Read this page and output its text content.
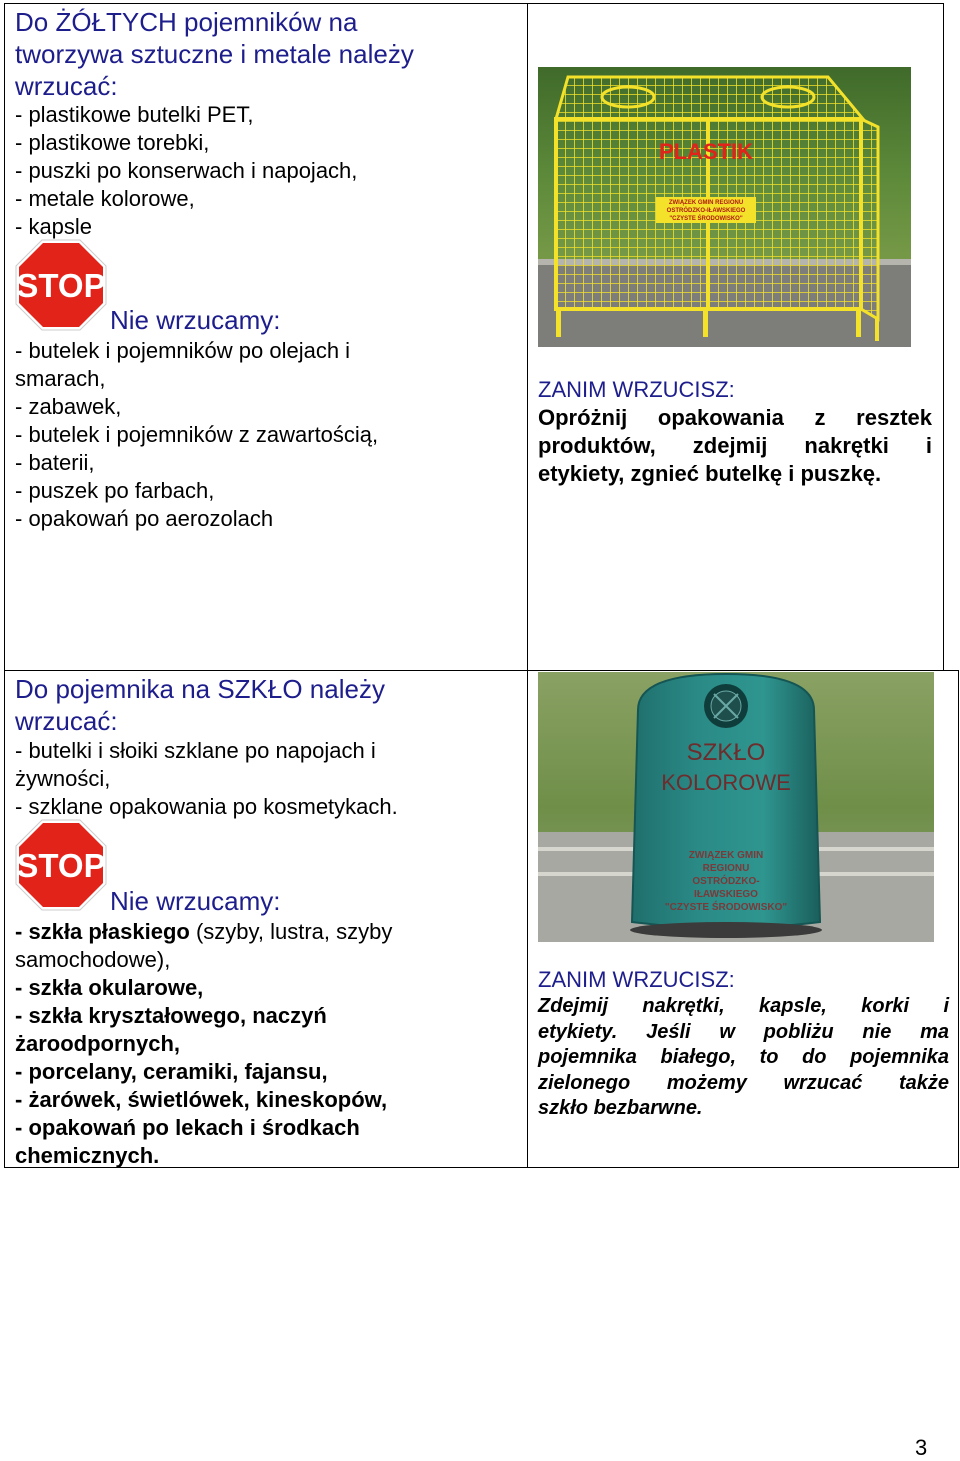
Do ŻÓŁTYCH pojemników na
tworzywa sztuczne i metale należy
wrzucać:
- plastikowe butelki PET,
- plastikowe torebki,
- puszki po konserwach i napojach,
- metale kolorowe,
- kapsle
STOP
Nie wrzucamy:
- butelek i pojemników po olejach i
smarach,
- zabawek,
- butelek i pojemników z zawartością,
- baterii,
- puszek po farbach,
- opakowań po aerozolach
PLASTIK
ZWIĄZEK GMIN REGIONU
OSTRÓDZKO-IŁAWSKIEGO
"CZYSTE ŚRODOWISKO"
ZANIM WRZUCISZ:
Opróżnij opakowania z resztek
produktów, zdejmij nakrętki i
etykiety, zgnieć butelkę i puszkę.
Do pojemnika na SZKŁO należy
wrzucać:
- butelki i słoiki szklane po napojach i
żywności,
- szklane opakowania po kosmetykach.
STOP
Nie wrzucamy:
- szkła płaskiego (szyby, lustra, szyby
samochodowe),
- szkła okularowe,
- szkła kryształowego, naczyń
żaroodpornych,
- porcelany, ceramiki, fajansu,
- żarówek, świetlówek, kineskopów,
- opakowań po lekach i środkach
chemicznych.
SZKŁO
KOLOROWE
ZWIĄZEK GMIN
REGIONU
OSTRÓDZKO-
IŁAWSKIEGO
"CZYSTE ŚRODOWISKO"
ZANIM WRZUCISZ:
Zdejmij nakrętki, kapsle, korki i
etykiety. Jeśli w pobliżu nie ma
pojemnika białego, to do pojemnika
zielonego możemy wrzucać także
szkło bezbarwne.
3
